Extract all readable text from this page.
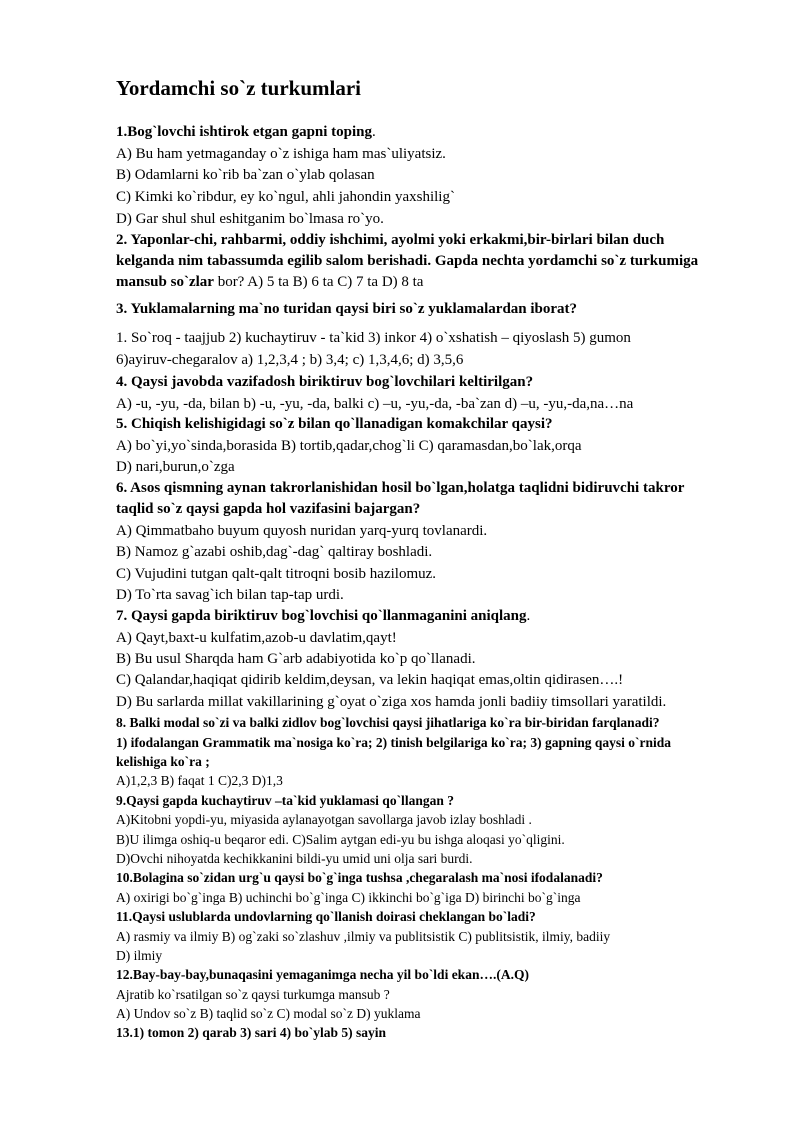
Yordamchi so`z turkumlari
1.Bog`lovchi ishtirok etgan gapni toping.
A) Bu ham yetmaganday o`z ishiga ham mas`uliyatsiz.
B) Odamlarni ko`rib ba`zan o`ylab qolasan
C) Kimki ko`ribdur, ey ko`ngul, ahli jahondin yaxshilig`
D) Gar shul shul eshitganim bo`lmasa ro`yo.
2. Yaponlar-chi, rahbarmi, oddiy ishchimi, ayolmi yoki erkakmi,bir-birlari bilan duch
kelganda nim tabassumda egilib salom berishadi. Gapda nechta yordamchi so`z turkumiga
mansub so`zlar bor? A) 5 ta B) 6 ta C) 7 ta D) 8 ta
3. Yuklamalarning ma`no turidan qaysi biri so`z yuklamalardan iborat?
1. So`roq - taajjub 2) kuchaytiruv - ta`kid 3) inkor 4) o`xshatish – qiyoslash 5) gumon
6)ayiruv-chegaralov a) 1,2,3,4 ; b) 3,4; c) 1,3,4,6; d) 3,5,6
4. Qaysi javobda vazifadosh biriktiruv bog`lovchilari keltirilgan?
A) -u, -yu, -da, bilan b) -u, -yu, -da, balki c) –u, -yu,-da, -ba`zan d) –u, -yu,-da,na…na
5. Chiqish kelishigidagi so`z bilan qo`llanadigan komakchilar qaysi?
A) bo`yi,yo`sinda,borasida B) tortib,qadar,chog`li C) qaramasdan,bo`lak,orqa
D) nari,burun,o`zga
6. Asos qismning aynan takrorlanishidan hosil bo`lgan,holatga taqlidni bidiruvchi takror
taqlid so`z qaysi gapda hol vazifasini bajargan?
A) Qimmatbaho buyum quyosh nuridan yarq-yurq tovlanardi.
B) Namoz g`azabi oshib,dag`-dag` qaltiray boshladi.
C) Vujudini tutgan qalt-qalt titroqni bosib hazilomuz.
D) To`rta savag`ich bilan tap-tap urdi.
7. Qaysi gapda biriktiruv bog`lovchisi qo`llanmaganini aniqlang.
A) Qayt,baxt-u kulfatim,azob-u davlatim,qayt!
B) Bu usul Sharqda ham G`arb adabiyotida ko`p qo`llanadi.
C) Qalandar,haqiqat qidirib keldim,deysan, va lekin haqiqat emas,oltin qidirasen….!
D) Bu sarlarda millat vakillarining g`oyat o`ziga xos hamda jonli badiiy timsollari yaratildi.
8. Balki modal so`zi va balki zidlov bog`lovchisi qaysi jihatlariga ko`ra bir-biridan farqlanadi?
1) ifodalangan Grammatik ma`nosiga ko`ra; 2) tinish belgilariga ko`ra; 3) gapning qaysi o`rnida
kelishiga ko`ra ;
A)1,2,3 B) faqat 1 C)2,3 D)1,3
9.Qaysi gapda kuchaytiruv –ta`kid yuklamasi qo`llangan ?
A)Kitobni yopdi-yu, miyasida aylanayotgan savollarga javob izlay boshladi .
B)U ilimga oshiq-u beqaror edi. C)Salim aytgan edi-yu bu ishga aloqasi yo`qligini.
D)Ovchi nihoyatda kechikkanini bildi-yu umid uni olja sari burdi.
10.Bolagina so`zidan urg`u qaysi bo`g`inga tushsa ,chegaralash ma`nosi ifodalanadi?
A) oxirigi bo`g`inga B) uchinchi bo`g`inga C) ikkinchi bo`g`iga D) birinchi bo`g`inga
11.Qaysi uslublarda undovlarning qo`llanish doirasi cheklangan bo`ladi?
A) rasmiy va ilmiy B) og`zaki so`zlashuv ,ilmiy va publitsistik C) publitsistik, ilmiy, badiiy
D) ilmiy
12.Bay-bay-bay,bunaqasini yemaganimga necha yil bo`ldi ekan….(A.Q)
Ajratib ko`rsatilgan so`z qaysi turkumga mansub ?
A) Undov so`z B) taqlid so`z C) modal so`z D) yuklama
13.1) tomon 2) qarab 3) sari 4) bo`ylab 5) sayin
